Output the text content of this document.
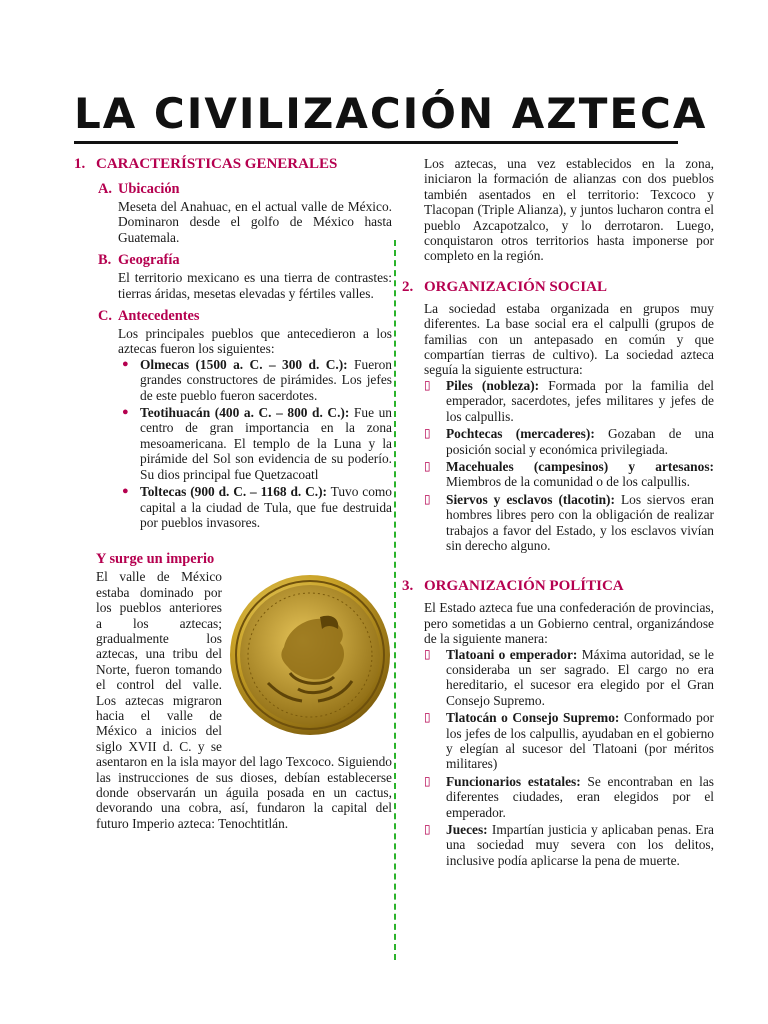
LA CIVILIZACIÓN AZTECA
1. CARACTERÍSTICAS GENERALES
A. Ubicación

Meseta del Anahuac, en el actual valle de México. Dominaron desde el golfo de México hasta Guatemala.

B. Geografía

El territorio mexicano es una tierra de contrastes: tierras áridas, mesetas elevadas y fértiles valles.

C. Antecedentes

Los principales pueblos que antecedieron a los aztecas fueron los siguientes:

● Olmecas (1500 a. C. – 300 d. C.): Fueron grandes constructores de pirámides. Los jefes de este pueblo fueron sacerdotes.
● Teotihuacán (400 a. C. – 800 d. C.): Fue un centro de gran importancia en la zona mesoamericana. El templo de la Luna y la pirámide del Sol son evidencia de su poderío. Su dios principal fue Quetzacoatl
● Toltecas (900 d. C. – 1168 d. C.): Tuvo como capital a la ciudad de Tula, que fue destruida por pueblos invasores.
Y surge un imperio

El valle de México estaba dominado por los pueblos anteriores a los aztecas; gradualmente los aztecas, una tribu del Norte, fueron tomando el control del valle. Los aztecas migraron hacia el valle de México a inicios del siglo XVII d. C. y se asentaron en la isla mayor del lago Texcoco. Siguiendo las instrucciones de sus dioses, debían establecerse donde observarán un águila posada en un cactus, devorando una cobra, así, fundaron la capital del futuro Imperio azteca: Tenochtitlán.

Los aztecas, una vez establecidos en la zona, iniciaron la formación de alianzas con dos pueblos también asentados en el territorio: Texcoco y Tlacopan (Triple Alianza), y juntos lucharon contra el pueblo Azcapotzalco, y lo derrotaron. Luego, conquistaron otros territorios hasta imponerse por completo en la región.

2. ORGANIZACIÓN SOCIAL

La sociedad estaba organizada en grupos muy diferentes. La base social era el calpulli (grupos de familias con un antepasado en común y que compartían tierras de cultivo). La sociedad azteca seguía la siguiente estructura:

▯	Piles (nobleza): Formada por la familia del emperador, sacerdotes, jefes militares y jefes de los calpullis.
▯	Pochtecas (mercaderes): Gozaban de una posición social y económica privilegiada.
▯	Macehuales (campesinos) y artesanos: Miembros de la comunidad o de los calpullis.
▯	Siervos y esclavos (tlacotin): Los siervos eran hombres libres pero con la obligación de realizar trabajos a favor del Estado, y los esclavos vivían sin derecho alguno.
3. ORGANIZACIÓN POLÍTICA

El Estado azteca fue una confederación de provincias, pero sometidas a un Gobierno central, organizándose de la siguiente manera:

▯	Tlatoani o emperador: Máxima autoridad, se le consideraba un ser sagrado. El cargo no era hereditario, el sucesor era elegido por el Gran Consejo Supremo.
▯	Tlatocán o Consejo Supremo: Conformado por los jefes de los calpullis, ayudaban en el gobierno y elegían al sucesor del Tlatoani (por méritos militares)
▯	Funcionarios estatales: Se encontraban en las diferentes ciudades, eran elegidos por el emperador.
▯	Jueces: Impartían justicia y aplicaban penas. Era una sociedad muy severa con los delitos, inclusive podía aplicarse la pena de muerte.
